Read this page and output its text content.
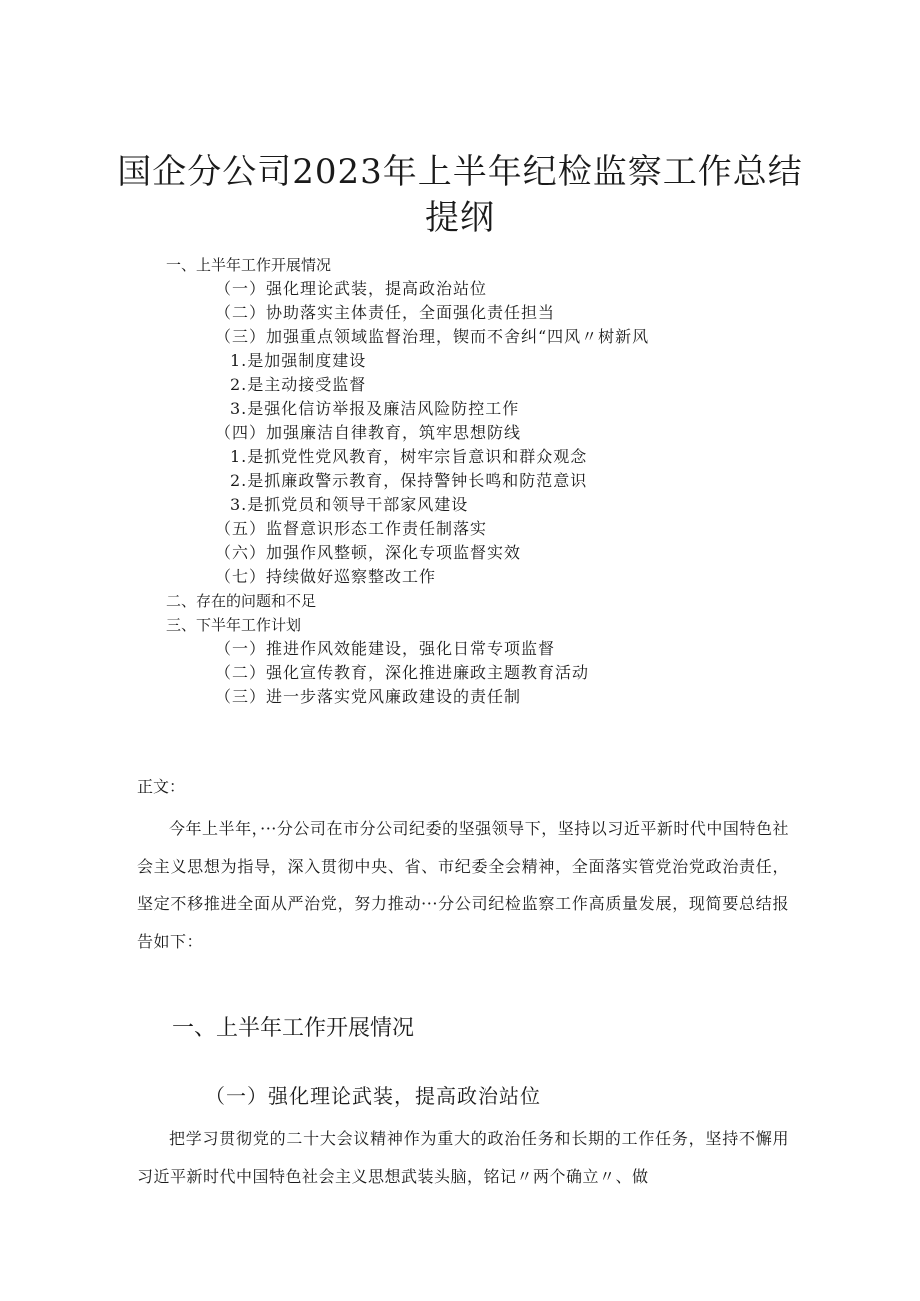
国企分公司2023年上半年纪检监察工作总结
提纲
一、上半年工作开展情况
（一）强化理论武装，提高政治站位
（二）协助落实主体责任，全面强化责任担当
（三）加强重点领域监督治理，锲而不舍纠“四风〃树新风
1.是加强制度建设
2.是主动接受监督
3.是强化信访举报及廉洁风险防控工作
（四）加强廉洁自律教育，筑牢思想防线
1.是抓党性党风教育，树牢宗旨意识和群众观念
2.是抓廉政警示教育，保持警钟长鸣和防范意识
3.是抓党员和领导干部家风建设
（五）监督意识形态工作责任制落实
（六）加强作风整顿，深化专项监督实效
（七）持续做好巡察整改工作
二、存在的问题和不足
三、下半年工作计划
（一）推进作风效能建设，强化日常专项监督
（二）强化宣传教育，深化推进廉政主题教育活动
（三）进一步落实党风廉政建设的责任制
正文：
今年上半年，···分公司在市分公司纪委的坚强领导下，坚持以习近平新时代中国特色社会主义思想为指导，深入贯彻中央、省、市纪委全会精神，全面落实管党治党政治责任，坚定不移推进全面从严治党，努力推动···分公司纪检监察工作高质量发展，现简要总结报告如下：
一、上半年工作开展情况
（一）强化理论武装，提高政治站位
把学习贯彻党的二十大会议精神作为重大的政治任务和长期的工作任务，坚持不懈用习近平新时代中国特色社会主义思想武装头脑，铭记〃两个确立〃、做
